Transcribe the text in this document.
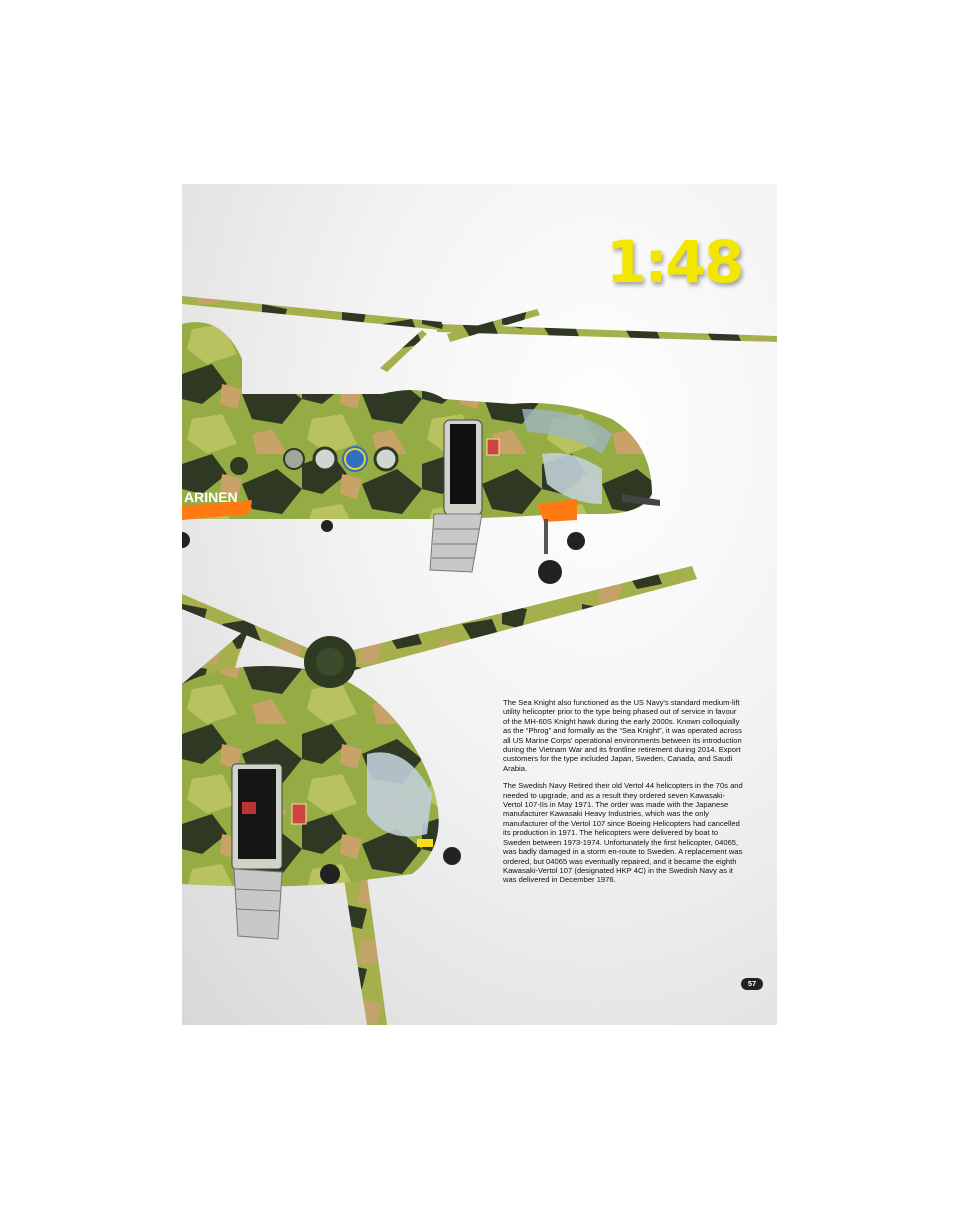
ARINEN
1:48

The Sea Knight also functioned as the US Navy's standard medium-lift utility helicopter prior to the type being phased out of service in favour of the MH-60S Knight hawk during the early 2000s. Known colloquially as the “Phrog” and formally as the “Sea Knight”, it was operated across all US Marine Corps' operational environments between its introduction during the Vietnam War and its frontline retirement during 2014. Export customers for the type included Japan, Sweden, Canada, and Saudi Arabia.

The Swedish Navy Retired their old Vertol 44 helicopters in the 70s and needed to upgrade, and as a result they ordered seven Kawasaki-Vertol 107-IIs in May 1971. The order was made with the Japanese manufacturer Kawasaki Heavy Industries, which was the only manufacturer of the Vertol 107 since Boeing Helicopters had cancelled its production in 1971. The helicopters were delivered by boat to Sweden between 1973-1974. Unfortunately the first helicopter, 04065, was badly damaged in a storm en-route to Sweden. A replacement was ordered, but 04065 was eventually repaired, and it became the eighth Kawasaki-Vertol 107 (designated HKP 4C) in the Swedish Navy as it was delivered in December 1976.

57
